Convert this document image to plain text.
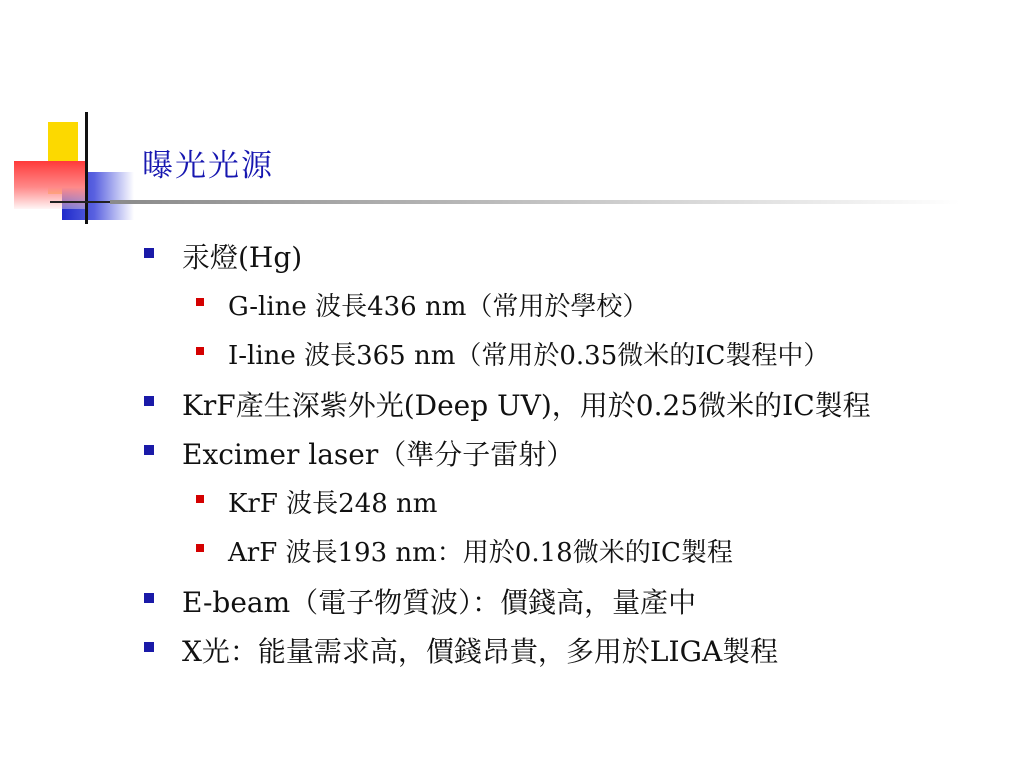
曝光光源
汞燈(Hg)
G-line 波長436 nm（常用於學校）
I-line 波長365 nm（常用於0.35微米的IC製程中）
KrF產生深紫外光(Deep UV)，用於0.25微米的IC製程
Excimer laser（準分子雷射）
KrF 波長248 nm
ArF 波長193 nm：用於0.18微米的IC製程
E-beam（電子物質波）：價錢高，量產中
X光：能量需求高，價錢昂貴，多用於LIGA製程
